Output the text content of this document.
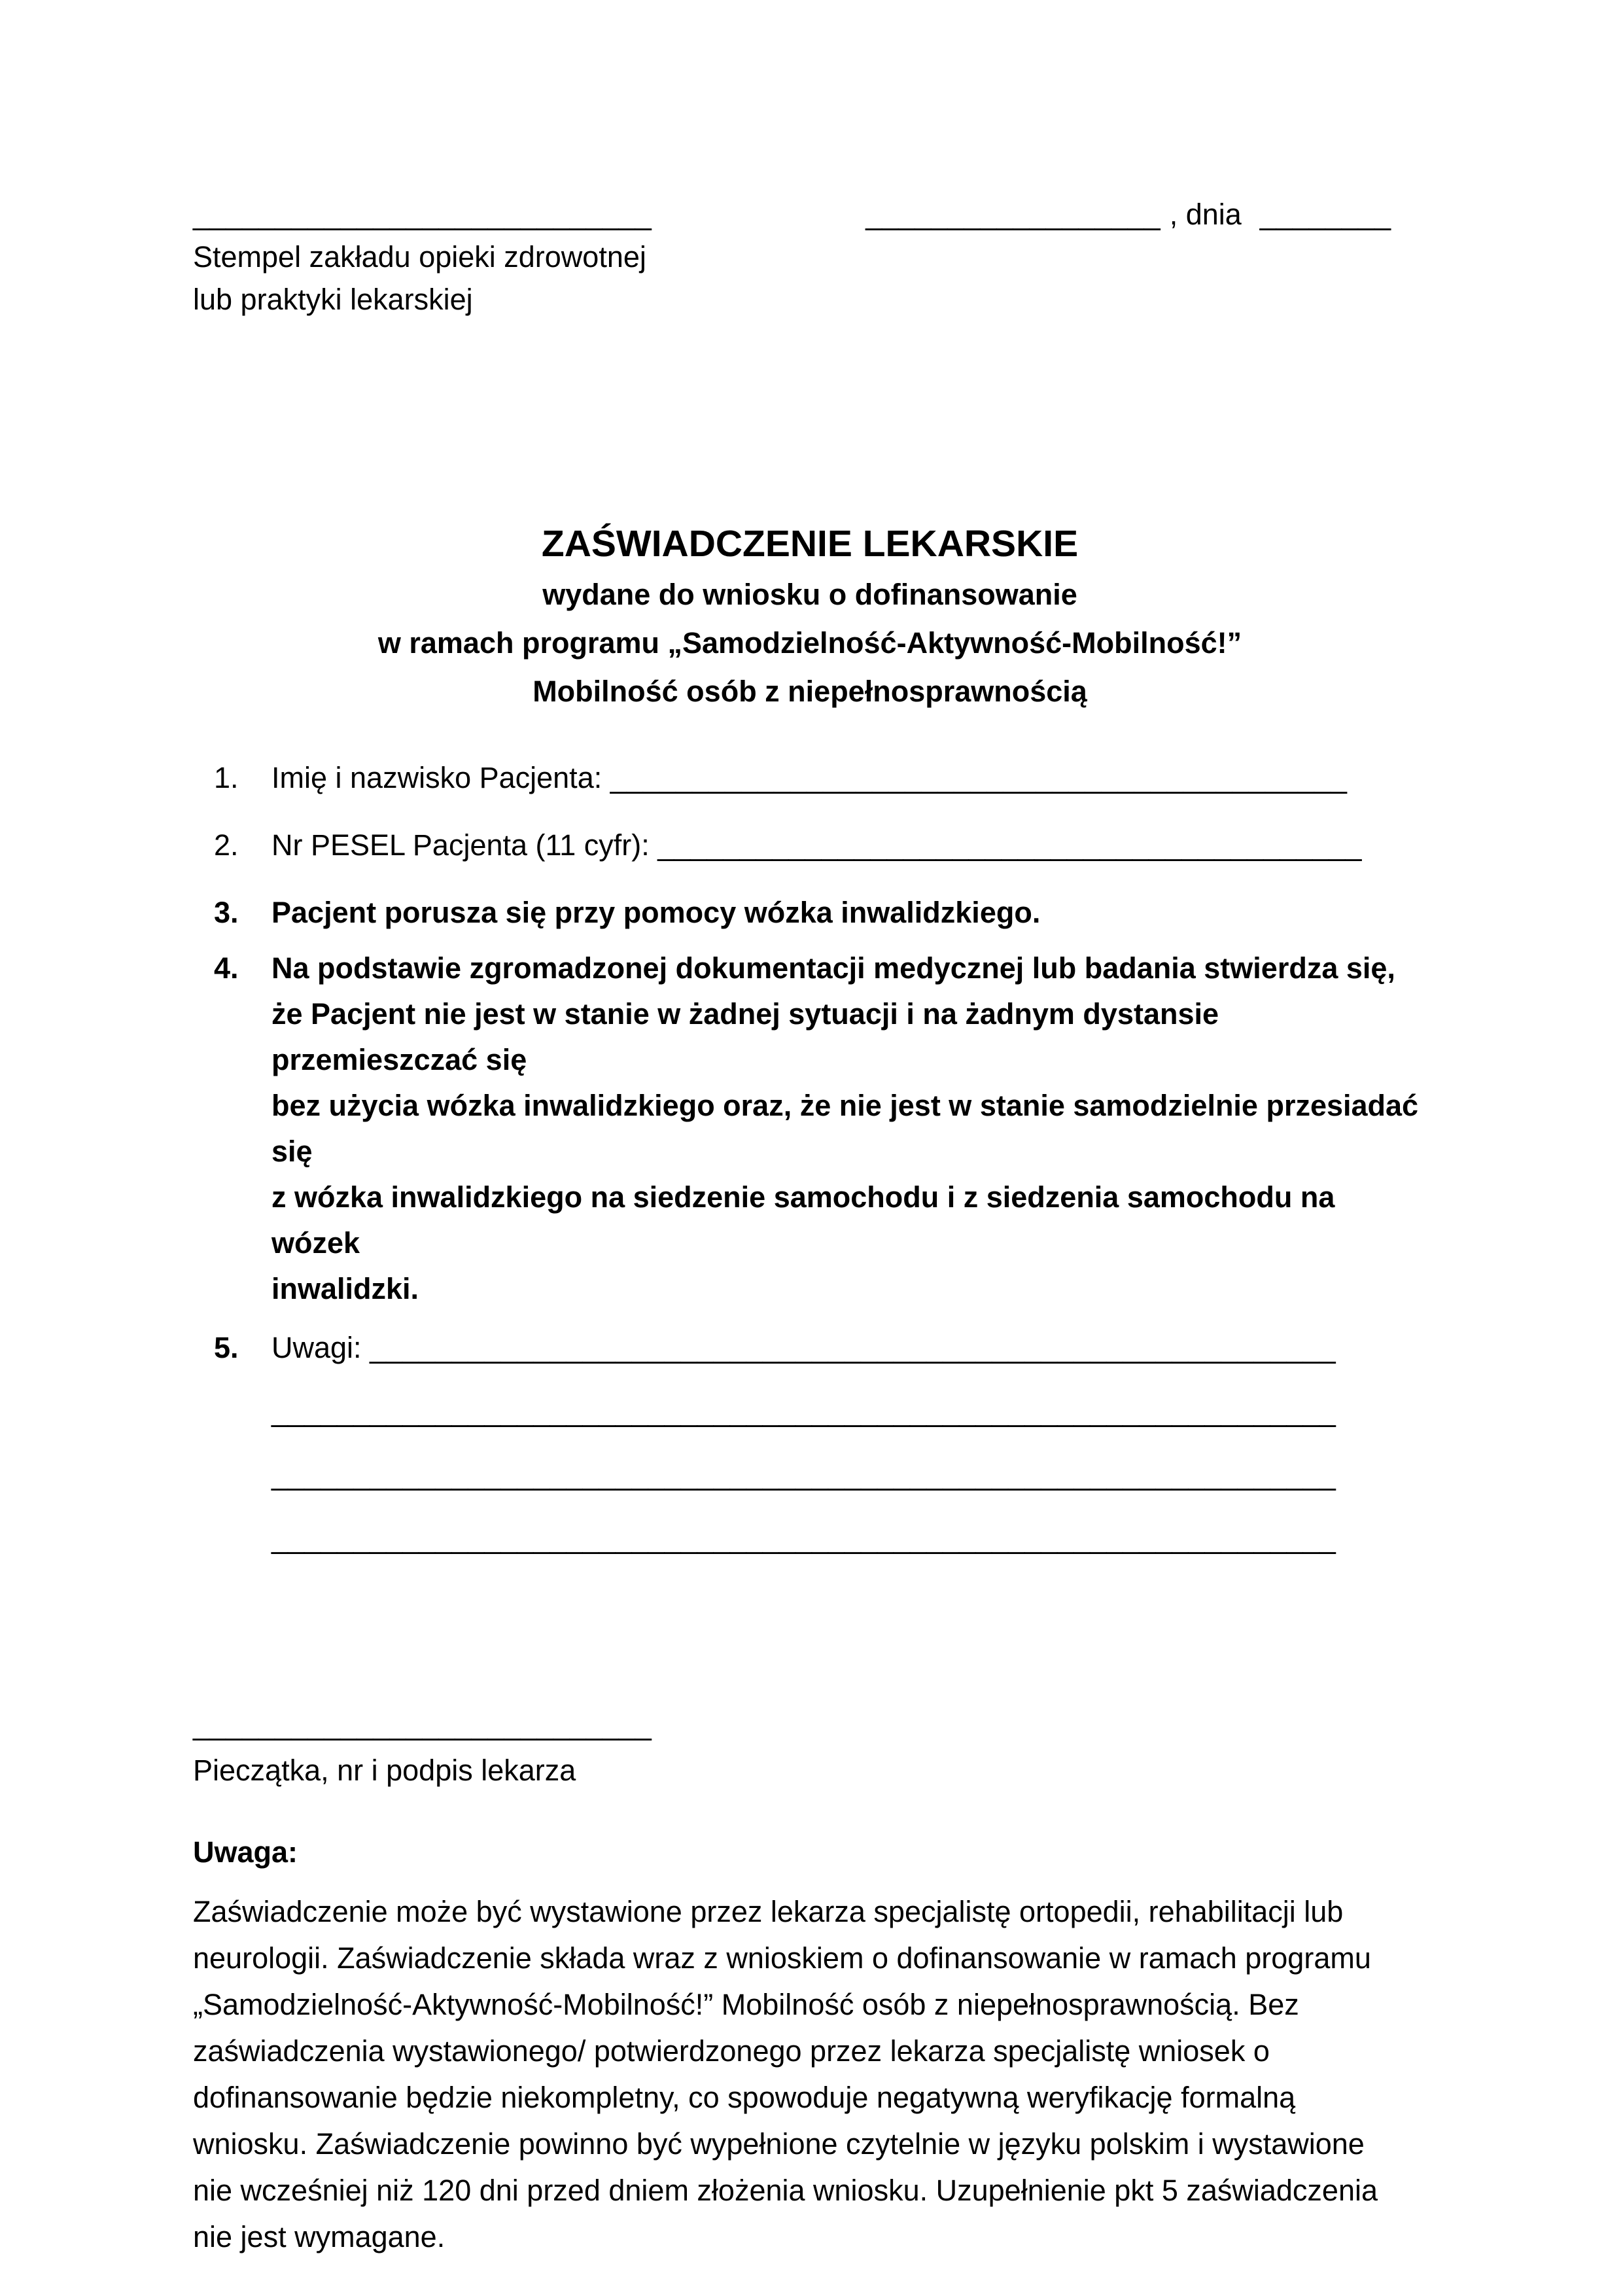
____________________________
Stempel zakładu opieki zdrowotnej
lub praktyki lekarskiej
__________________ , dnia ________
ZAŚWIADCZENIE LEKARSKIE
wydane do wniosku o dofinansowanie
w ramach programu „Samodzielność-Aktywność-Mobilność!”
Mobilność osób z niepełnosprawnością
1.	Imię i nazwisko Pacjenta: _____________________________________________
2.	Nr PESEL Pacjenta (11 cyfr): ___________________________________________
3.	Pacjent porusza się przy pomocy wózka inwalidzkiego.
4.	Na podstawie zgromadzonej dokumentacji medycznej lub badania stwierdza się,
że Pacjent nie jest w stanie w żadnej sytuacji i na żadnym dystansie przemieszczać się
bez użycia wózka inwalidzkiego oraz, że nie jest w stanie samodzielnie przesiadać się
z wózka inwalidzkiego na siedzenie samochodu i z siedzenia samochodu na wózek
inwalidzki.
5.	Uwagi: ___________________________________________________________
_________________________________________________________________
_________________________________________________________________
_________________________________________________________________
____________________________
Pieczątka, nr i podpis lekarza
Uwaga:
Zaświadczenie może być wystawione przez lekarza specjalistę ortopedii, rehabilitacji lub
neurologii. Zaświadczenie składa wraz z wnioskiem o dofinansowanie w ramach programu
„Samodzielność-Aktywność-Mobilność!” Mobilność osób z niepełnosprawnością. Bez
zaświadczenia wystawionego/ potwierdzonego przez lekarza specjalistę wniosek o
dofinansowanie będzie niekompletny, co spowoduje negatywną weryfikację formalną
wniosku. Zaświadczenie powinno być wypełnione czytelnie w języku polskim i wystawione
nie wcześniej niż 120 dni przed dniem złożenia wniosku. Uzupełnienie pkt 5 zaświadczenia
nie jest wymagane.
